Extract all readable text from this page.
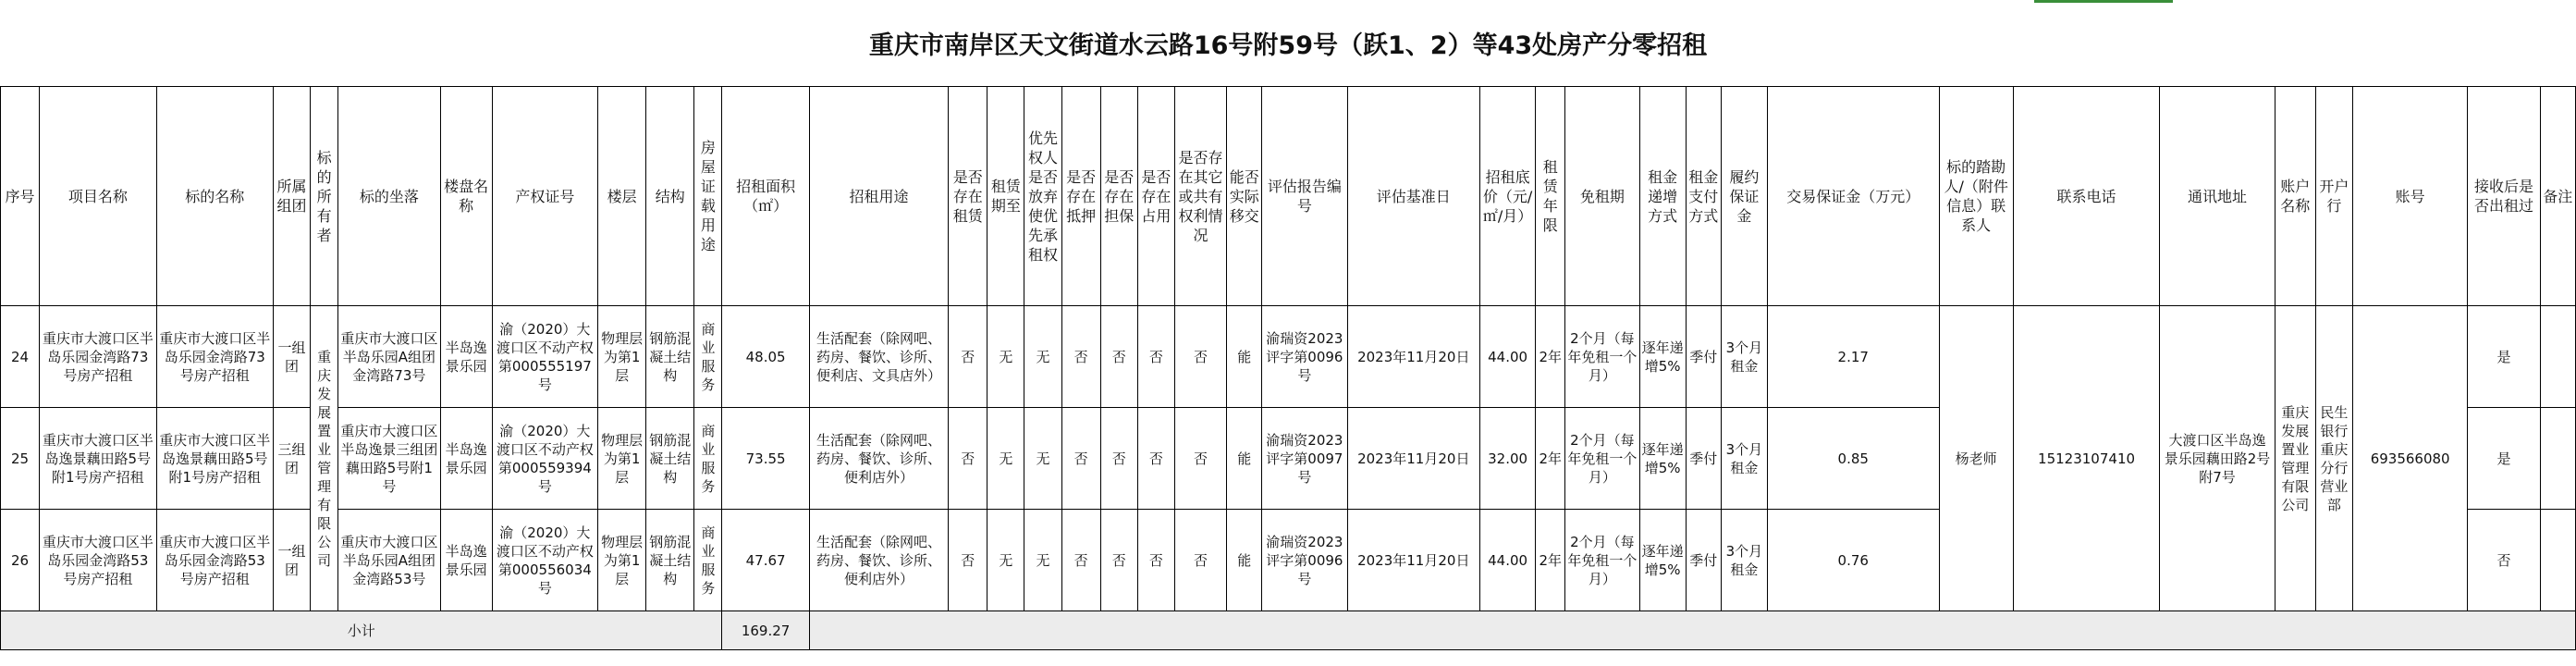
重庆市南岸区天文街道水云路16号附59号（跃1、2）等43处房产分零招租
序号	项目名称	标的名称	所属组团	标的所有者	标的坐落	楼盘名称	产权证号	楼层	结构	房屋证载用途	招租面积（㎡）	招租用途	是否存在租赁	租赁期至	优先权人是否放弃使优先承租权	是否存在抵押	是否存在担保	是否存在占用	是否存在其它或共有权利情况	能否实际移交	评估报告编号	评估基准日	招租底价（元/㎡/月）	租赁年限	免租期	租金递增方式	租金支付方式	履约保证金	交易保证金（万元）	标的踏勘人/（附件信息）联系人	联系电话	通讯地址	账户名称	开户行	账号	接收后是否出租过	备注
24	重庆市大渡口区半岛乐园金湾路73号房产招租	重庆市大渡口区半岛乐园金湾路73号房产招租	一组团	重庆发展置业管理有限公司	重庆市大渡口区半岛乐园A组团金湾路73号	半岛逸景乐园	渝（2020）大渡口区不动产权第000555197号	物理层为第1层	钢筋混凝土结构	商业服务	48.05	生活配套（除网吧、药房、餐饮、诊所、便利店、文具店外）	否	无	无	否	否	否	否	能	渝瑞资2023评字第0096号	2023年11月20日	44.00	2年	2个月（每年免租一个月）	逐年递增5%	季付	3个月租金	2.17	杨老师	15123107410	大渡口区半岛逸景乐园藕田路2号附7号	重庆发展置业管理有限公司	民生银行重庆分行营业部	693566080	是	
25	重庆市大渡口区半岛逸景藕田路5号附1号房产招租	重庆市大渡口区半岛逸景藕田路5号附1号房产招租	三组团		重庆市大渡口区半岛逸景三组团藕田路5号附1号	半岛逸景乐园	渝（2020）大渡口区不动产权第000559394号	物理层为第1层	钢筋混凝土结构	商业服务	73.55	生活配套（除网吧、药房、餐饮、诊所、便利店外）	否	无	无	否	否	否	否	能	渝瑞资2023评字第0097号	2023年11月20日	32.00	2年	2个月（每年免租一个月）	逐年递增5%	季付	3个月租金	0.85							是	
26	重庆市大渡口区半岛乐园金湾路53号房产招租	重庆市大渡口区半岛乐园金湾路53号房产招租	一组团		重庆市大渡口区半岛乐园A组团金湾路53号	半岛逸景乐园	渝（2020）大渡口区不动产权第000556034号	物理层为第1层	钢筋混凝土结构	商业服务	47.67	生活配套（除网吧、药房、餐饮、诊所、便利店外）	否	无	无	否	否	否	否	能	渝瑞资2023评字第0096号	2023年11月20日	44.00	2年	2个月（每年免租一个月）	逐年递增5%	季付	3个月租金	0.76							否	
小计											169.27																										
